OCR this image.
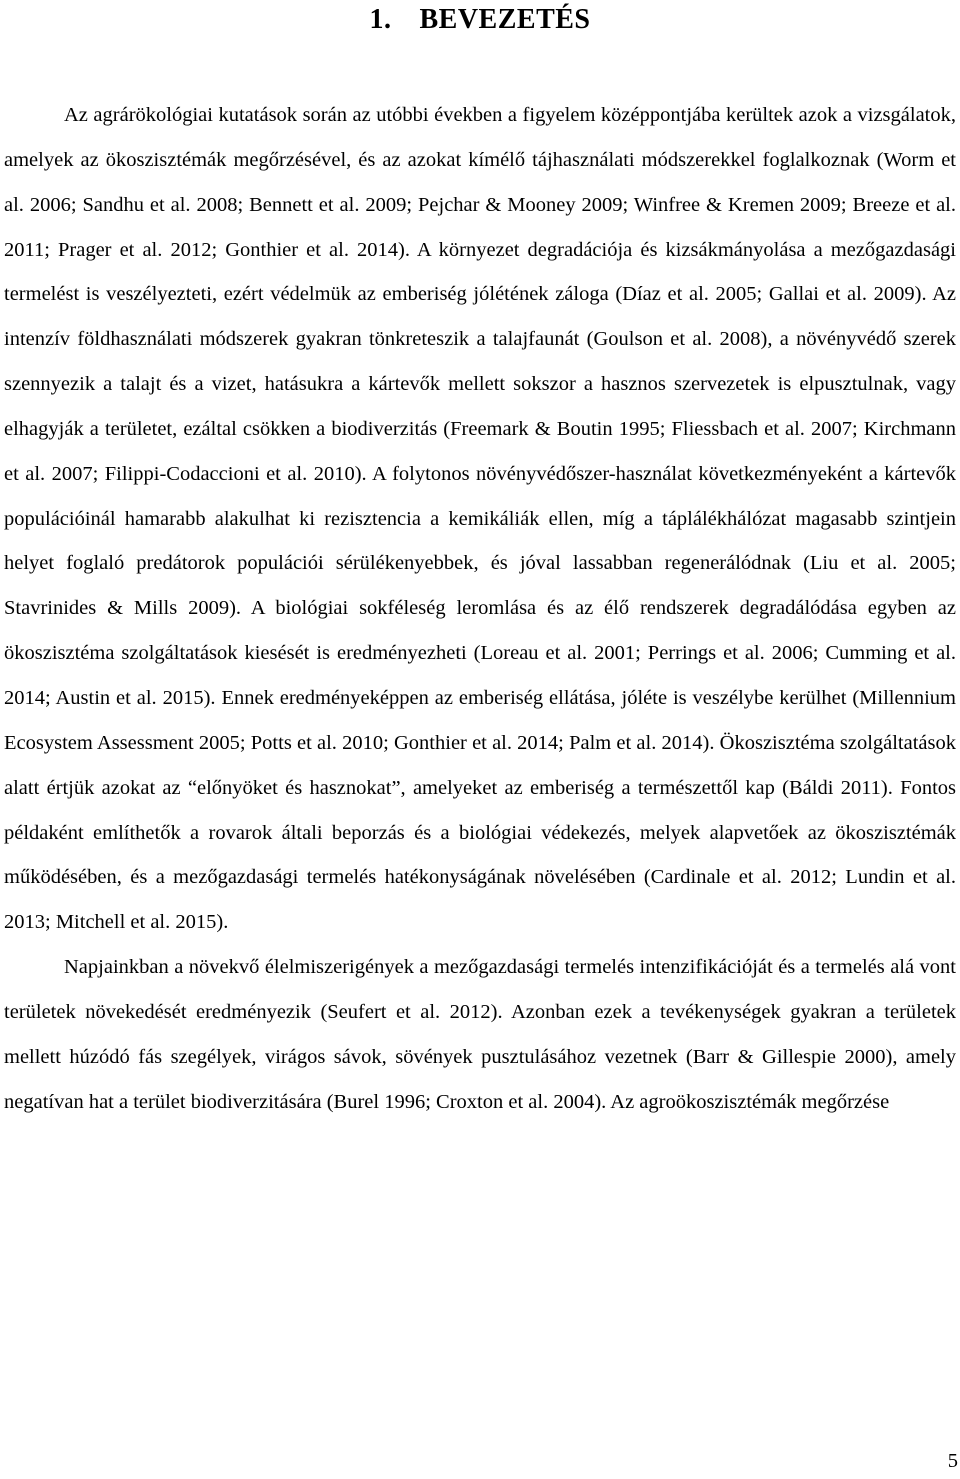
1. BEVEZETÉS

Az agrárökológiai kutatások során az utóbbi években a figyelem középpontjába kerültek azok a vizsgálatok, amelyek az ökoszisztémák megőrzésével, és az azokat kímélő tájhasználati módszerekkel foglalkoznak (Worm et al. 2006; Sandhu et al. 2008; Bennett et al. 2009; Pejchar & Mooney 2009; Winfree & Kremen 2009; Breeze et al. 2011; Prager et al. 2012; Gonthier et al. 2014). A környezet degradációja és kizsákmányolása a mezőgazdasági termelést is veszélyezteti, ezért védelmük az emberiség jólétének záloga (Díaz et al. 2005; Gallai et al. 2009). Az intenzív földhasználati módszerek gyakran tönkreteszik a talajfaunát (Goulson et al. 2008), a növényvédő szerek szennyezik a talajt és a vizet, hatásukra a kártevők mellett sokszor a hasznos szervezetek is elpusztulnak, vagy elhagyják a területet, ezáltal csökken a biodiverzitás (Freemark & Boutin 1995; Fliessbach et al. 2007; Kirchmann et al. 2007; Filippi-Codaccioni et al. 2010). A folytonos növényvédőszer-használat következményeként a kártevők populációinál hamarabb alakulhat ki rezisztencia a kemikáliák ellen, míg a táplálékhálózat magasabb szintjein helyet foglaló predátorok populációi sérülékenyebbek, és jóval lassabban regenerálódnak (Liu et al. 2005; Stavrinides & Mills 2009). A biológiai sokféleség leromlása és az élő rendszerek degradálódása egyben az ökoszisztéma szolgáltatások kiesését is eredményezheti (Loreau et al. 2001; Perrings et al. 2006; Cumming et al. 2014; Austin et al. 2015). Ennek eredményeképpen az emberiség ellátása, jóléte is veszélybe kerülhet (Millennium Ecosystem Assessment 2005; Potts et al. 2010; Gonthier et al. 2014; Palm et al. 2014). Ökoszisztéma szolgáltatások alatt értjük azokat az “előnyöket és hasznokat”, amelyeket az emberiség a természettől kap (Báldi 2011). Fontos példaként említhetők a rovarok általi beporzás és a biológiai védekezés, melyek alapvetőek az ökoszisztémák működésében, és a mezőgazdasági termelés hatékonyságának növelésében (Cardinale et al. 2012; Lundin et al. 2013; Mitchell et al. 2015).

Napjainkban a növekvő élelmiszerigények a mezőgazdasági termelés intenzifikációját és a termelés alá vont területek növekedését eredményezik (Seufert et al. 2012). Azonban ezek a tevékenységek gyakran a területek mellett húzódó fás szegélyek, virágos sávok, sövények pusztulásához vezetnek (Barr & Gillespie 2000), amely negatívan hat a terület biodiverzitására (Burel 1996; Croxton et al. 2004). Az agroökoszisztémák megőrzése

5
